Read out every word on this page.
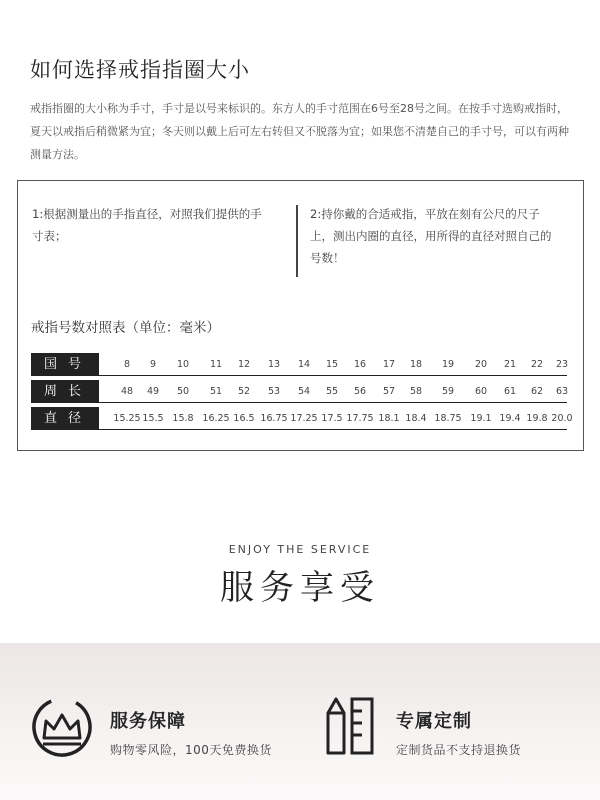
如何选择戒指指圈大小
戒指指圈的大小称为手寸，手寸是以号来标识的。东方人的手寸范围在6号至28号之间。在按手寸选购戒指时，夏天以戒指后稍微紧为宜；冬天则以戴上后可左右转但又不脱落为宜；如果您不清楚自己的手寸号，可以有两种测量方法。
1:根据测量出的手指直径，对照我们提供的手寸表；
2:持你戴的合适戒指，平放在刻有公尺的尺子上，测出内圈的直径，用所得的直径对照自己的号数！
戒指号数对照表（单位：毫米）
国号	8 9 10 11 12 13 14 15 16 17 18 19 20 21 22 23
周长	48 49 50 51 52 53 54 55 56 57 58 59 60 61 62 63
直径	15.25 15.5 15.8 16.25 16.5 16.75 17.25 17.5 17.75 18.1 18.4 18.75 19.1 19.4 19.8 20.0
ENJOY THE SERVICE
服务享受
服务保障
购物零风险，100天免费换货
专属定制
定制货品不支持退换货
